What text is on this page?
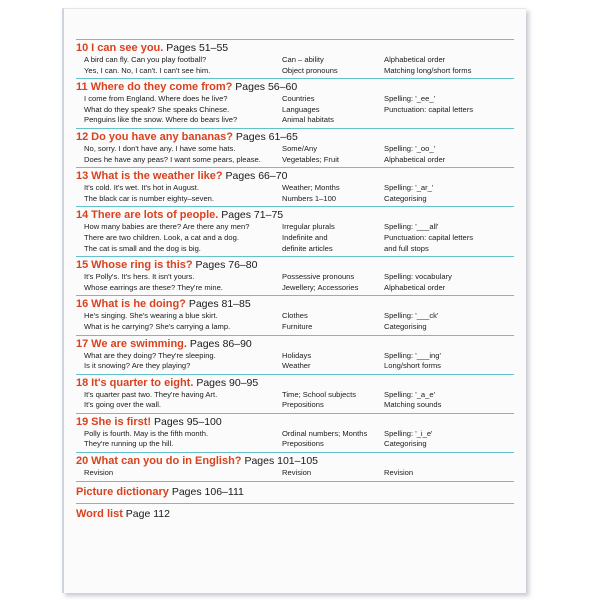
10 I can see you. Pages 51–55
A bird can fly. Can you play football?	Can – ability	Alphabetical order
Yes, I can. No, I can't. I can't see him.	Object pronouns	Matching long/short forms
11 Where do they come from? Pages 56–60
I come from England. Where does he live?	Countries	Spelling: '_ee_'
What do they speak? She speaks Chinese.	Languages	Punctuation: capital letters
Penguins like the snow. Where do bears live?	Animal habitats
12 Do you have any bananas? Pages 61–65
No, sorry. I don't have any. I have some hats.	Some/Any	Spelling: '_oo_'
Does he have any peas? I want some pears, please.	Vegetables; Fruit	Alphabetical order
13 What is the weather like? Pages 66–70
It's cold. It's wet. It's hot in August.	Weather; Months	Spelling: '_ar_'
The black car is number eighty–seven.	Numbers 1–100	Categorising
14 There are lots of people. Pages 71–75
How many babies are there? Are there any men?	Irregular plurals	Spelling: '___all'
There are two children. Look, a cat and a dog.	Indefinite and	Punctuation: capital letters
The cat is small and the dog is big.	definite articles	and full stops
15 Whose ring is this? Pages 76–80
It's Polly's. It's hers. It isn't yours.	Possessive pronouns	Spelling: vocabulary
Whose earrings are these? They're mine.	Jewellery; Accessories	Alphabetical order
16 What is he doing? Pages 81–85
He's singing. She's wearing a blue skirt.	Clothes	Spelling: '___ck'
What is he carrying? She's carrying a lamp.	Furniture	Categorising
17 We are swimming. Pages 86–90
What are they doing? They're sleeping.	Holidays	Spelling: '___ing'
Is it snowing? Are they playing?	Weather	Long/short forms
18 It's quarter to eight. Pages 90–95
It's quarter past two. They're having Art.	Time; School subjects	Spelling: '_a_e'
It's going over the wall.	Prepositions	Matching sounds
19 She is first! Pages 95–100
Polly is fourth. May is the fifth month.	Ordinal numbers; Months	Spelling: '_i_e'
They're running up the hill.	Prepositions	Categorising
20 What can you do in English? Pages 101–105
Revision	Revision	Revision
Picture dictionary Pages 106–111
Word list Page 112
